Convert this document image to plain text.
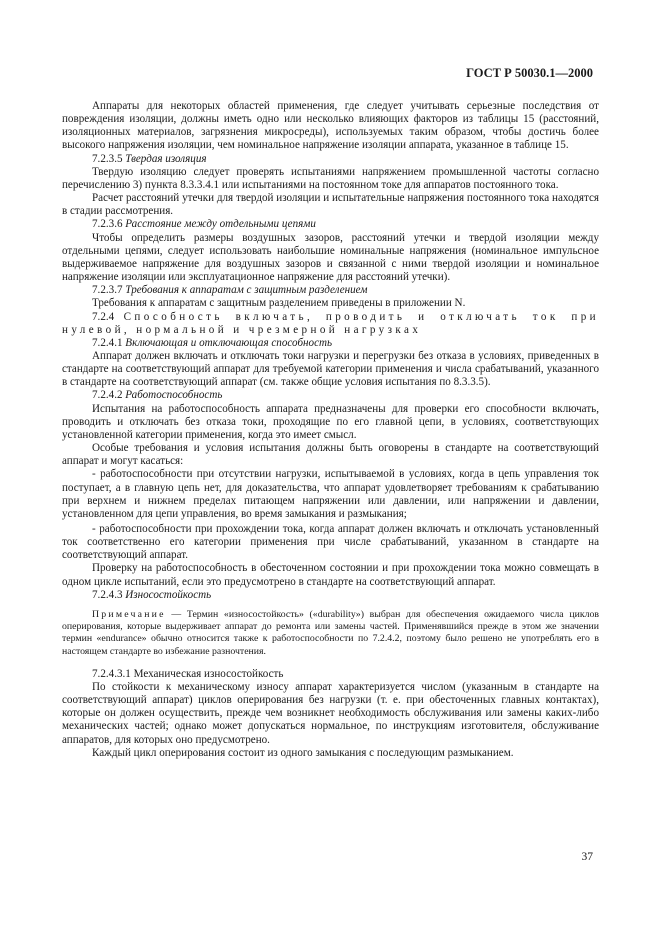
ГОСТ Р 50030.1—2000

Аппараты для некоторых областей применения, где следует учитывать серьезные последствия от повреждения изоляции, должны иметь одно или несколько влияющих факторов из таблицы 15 (расстояний, изоляционных материалов, загрязнения микросреды), используемых таким образом, чтобы достичь более высокого напряжения изоляции, чем номинальное напряжение изоляции аппарата, указанное в таблице 15.

7.2.3.5 Твердая изоляция

Твердую изоляцию следует проверять испытаниями напряжением промышленной частоты согласно перечислению 3) пункта 8.3.3.4.1 или испытаниями на постоянном токе для аппаратов постоянного тока.

Расчет расстояний утечки для твердой изоляции и испытательные напряжения постоянного тока находятся в стадии рассмотрения.

7.2.3.6 Расстояние между отдельными цепями

Чтобы определить размеры воздушных зазоров, расстояний утечки и твердой изоляции между отдельными цепями, следует использовать наибольшие номинальные напряжения (номинальное импульсное выдерживаемое напряжение для воздушных зазоров и связанной с ними твердой изоляции и номинальное напряжение изоляции или эксплуатационное напряжение для расстояний утечки).

7.2.3.7 Требования к аппаратам с защитным разделением

Требования к аппаратам с защитным разделением приведены в приложении N.

7.2.4 Способность включать, проводить и отключать ток при нулевой, нормальной и чрезмерной нагрузках
7.2.4.1 Включающая и отключающая способность

Аппарат должен включать и отключать токи нагрузки и перегрузки без отказа в условиях, приведенных в стандарте на соответствующий аппарат для требуемой категории применения и числа срабатываний, указанного в стандарте на соответствующий аппарат (см. также общие условия испытания по 8.3.3.5).

7.2.4.2 Работоспособность

Испытания на работоспособность аппарата предназначены для проверки его способности включать, проводить и отключать без отказа токи, проходящие по его главной цепи, в условиях, соответствующих установленной категории применения, когда это имеет смысл.

Особые требования и условия испытания должны быть оговорены в стандарте на соответствующий аппарат и могут касаться:

- работоспособности при отсутствии нагрузки, испытываемой в условиях, когда в цепь управления ток поступает, а в главную цепь нет, для доказательства, что аппарат удовлетворяет требованиям к срабатыванию при верхнем и нижнем пределах питающем напряжении или давлении, или напряжении и давлении, установленном для цепи управления, во время замыкания и размыкания;

- работоспособности при прохождении тока, когда аппарат должен включать и отключать установленный ток соответственно его категории применения при числе срабатываний, указанном в стандарте на соответствующий аппарат.

Проверку на работоспособность в обесточенном состоянии и при прохождении тока можно совмещать в одном цикле испытаний, если это предусмотрено в стандарте на соответствующий аппарат.

7.2.4.3 Износостойкость
Примечание — Термин «износостойкость» («durability») выбран для обеспечения ожидаемого числа циклов оперирования, которые выдерживает аппарат до ремонта или замены частей. Применявшийся прежде в этом же значении термин «endurance» обычно относится также к работоспособности по 7.2.4.2, поэтому было решено не употреблять его в настоящем стандарте во избежание разночтения.
7.2.4.3.1 Механическая износостойкость

По стойкости к механическому износу аппарат характеризуется числом (указанным в стандарте на соответствующий аппарат) циклов оперирования без нагрузки (т. е. при обесточенных главных контактах), которые он должен осуществить, прежде чем возникнет необходимость обслуживания или замены каких-либо механических частей; однако может допускаться нормальное, по инструкциям изготовителя, обслуживание аппаратов, для которых оно предусмотрено.

Каждый цикл оперирования состоит из одного замыкания с последующим размыканием.

37
